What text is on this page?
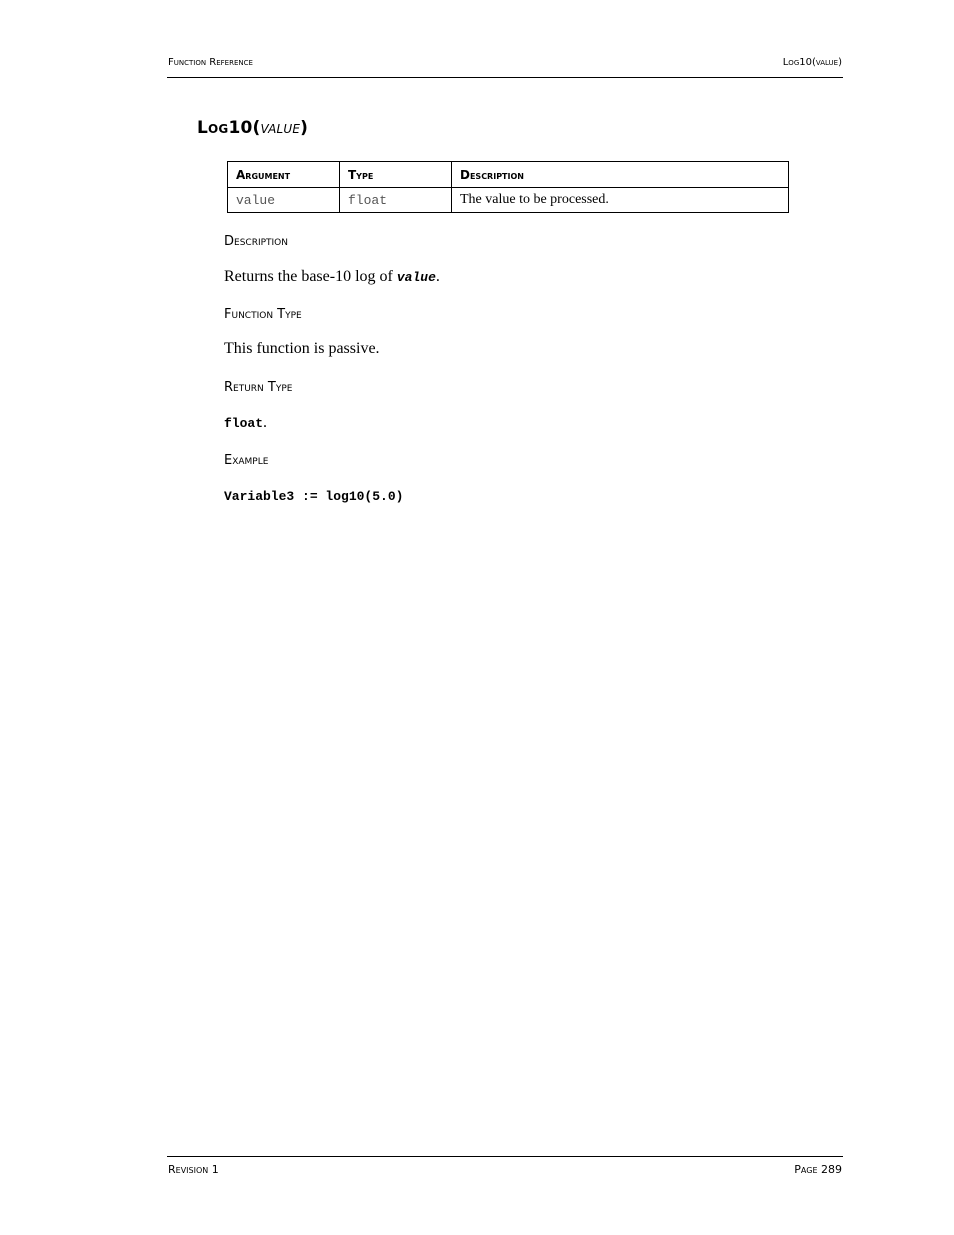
Function Reference	Log10(value)
Log10(value)
Argument	Type	Description
value	float	The value to be processed.
Description
Returns the base-10 log of value.
Function Type
This function is passive.
Return Type
float.
Example
Variable3 := log10(5.0)
Revision 1	Page 289
